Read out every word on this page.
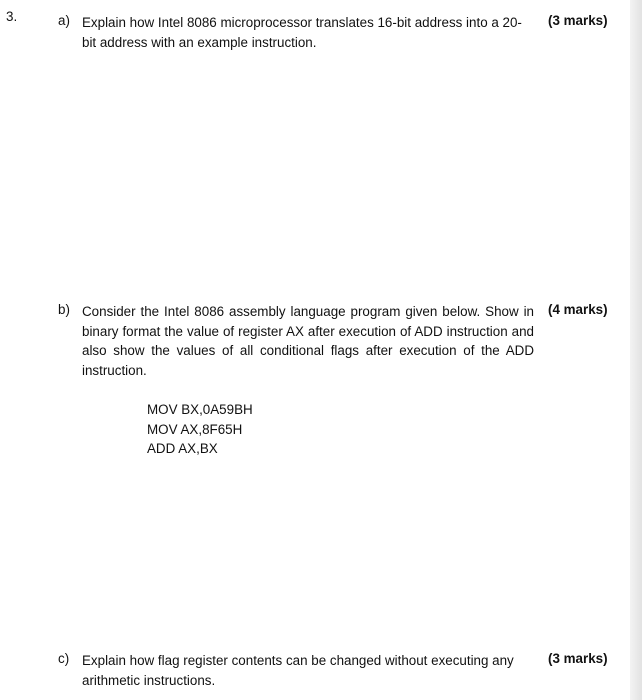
3.	a) Explain how Intel 8086 microprocessor translates 16-bit address into a 20-bit address with an example instruction.

(3 marks)

b) Consider the Intel 8086 assembly language program given below. Show in binary format the value of register AX after execution of ADD instruction and also show the values of all conditional flags after execution of the ADD instruction.

(4 marks)

MOV BX,0A59BH
MOV AX,8F65H
ADD AX,BX

c) Explain how flag register contents can be changed without executing any arithmetic instructions.

(3 marks)
